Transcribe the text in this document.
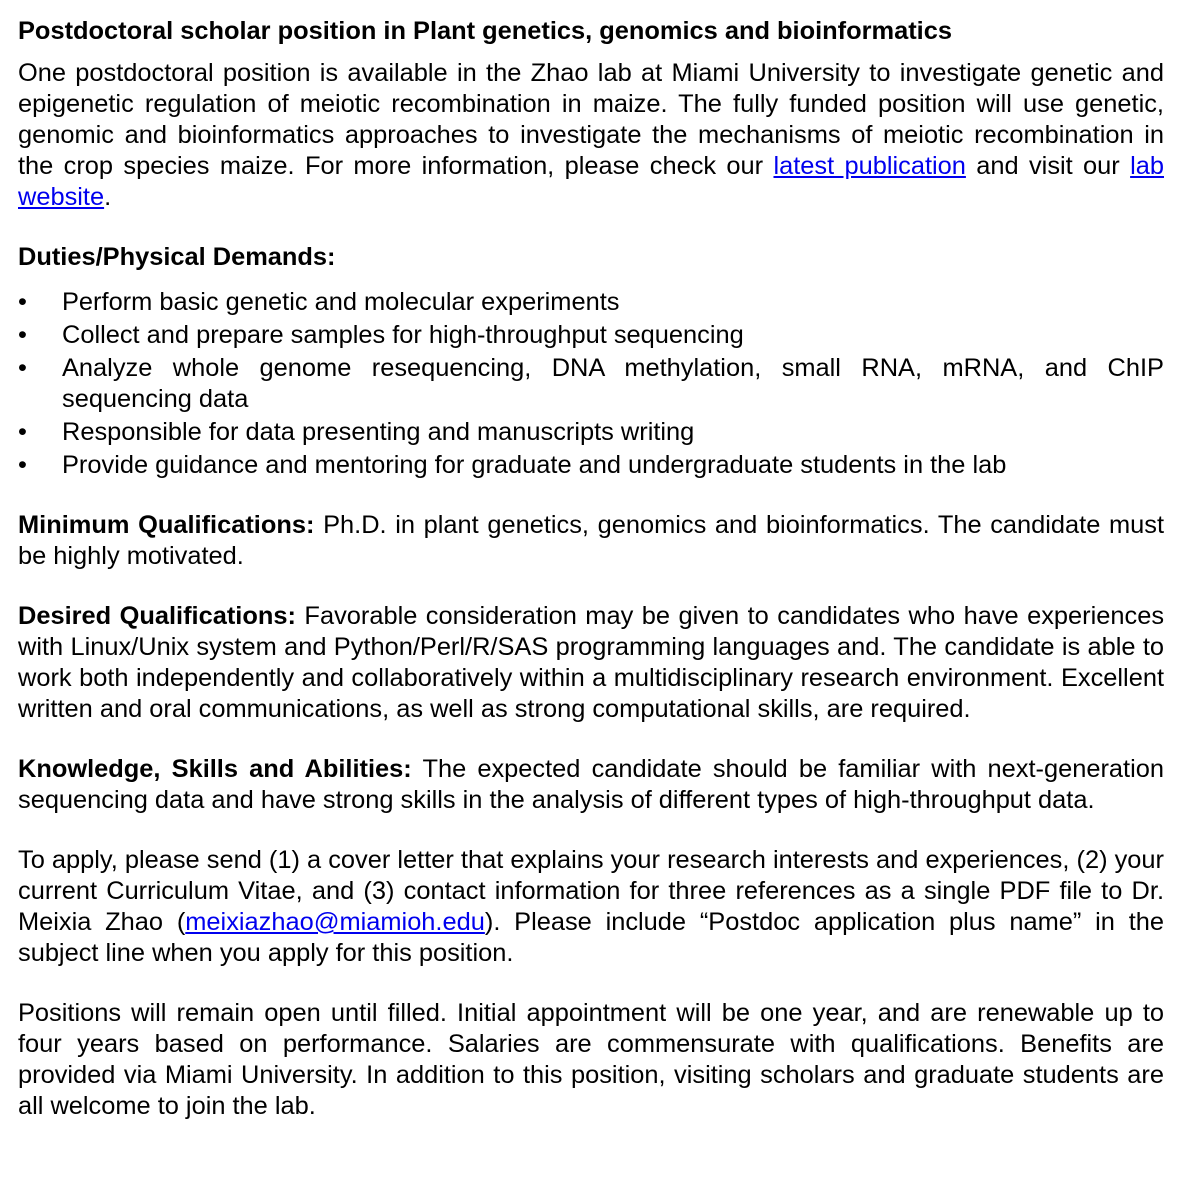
Postdoctoral scholar position in Plant genetics, genomics and bioinformatics

One postdoctoral position is available in the Zhao lab at Miami University to investigate genetic and epigenetic regulation of meiotic recombination in maize. The fully funded position will use genetic, genomic and bioinformatics approaches to investigate the mechanisms of meiotic recombination in the crop species maize. For more information, please check our latest publication and visit our lab website.

Duties/Physical Demands:

•	Perform basic genetic and molecular experiments
•	Collect and prepare samples for high-throughput sequencing
•	Analyze whole genome resequencing, DNA methylation, small RNA, mRNA, and ChIP sequencing data
•	Responsible for data presenting and manuscripts writing
•	Provide guidance and mentoring for graduate and undergraduate students in the lab

Minimum Qualifications: Ph.D. in plant genetics, genomics and bioinformatics. The candidate must be highly motivated.

Desired Qualifications: Favorable consideration may be given to candidates who have experiences with Linux/Unix system and Python/Perl/R/SAS programming languages and. The candidate is able to work both independently and collaboratively within a multidisciplinary research environment. Excellent written and oral communications, as well as strong computational skills, are required.

Knowledge, Skills and Abilities: The expected candidate should be familiar with next-generation sequencing data and have strong skills in the analysis of different types of high-throughput data.

To apply, please send (1) a cover letter that explains your research interests and experiences, (2) your current Curriculum Vitae, and (3) contact information for three references as a single PDF file to Dr. Meixia Zhao (meixiazhao@miamioh.edu). Please include “Postdoc application plus name” in the subject line when you apply for this position.

Positions will remain open until filled. Initial appointment will be one year, and are renewable up to four years based on performance. Salaries are commensurate with qualifications. Benefits are provided via Miami University. In addition to this position, visiting scholars and graduate students are all welcome to join the lab.
